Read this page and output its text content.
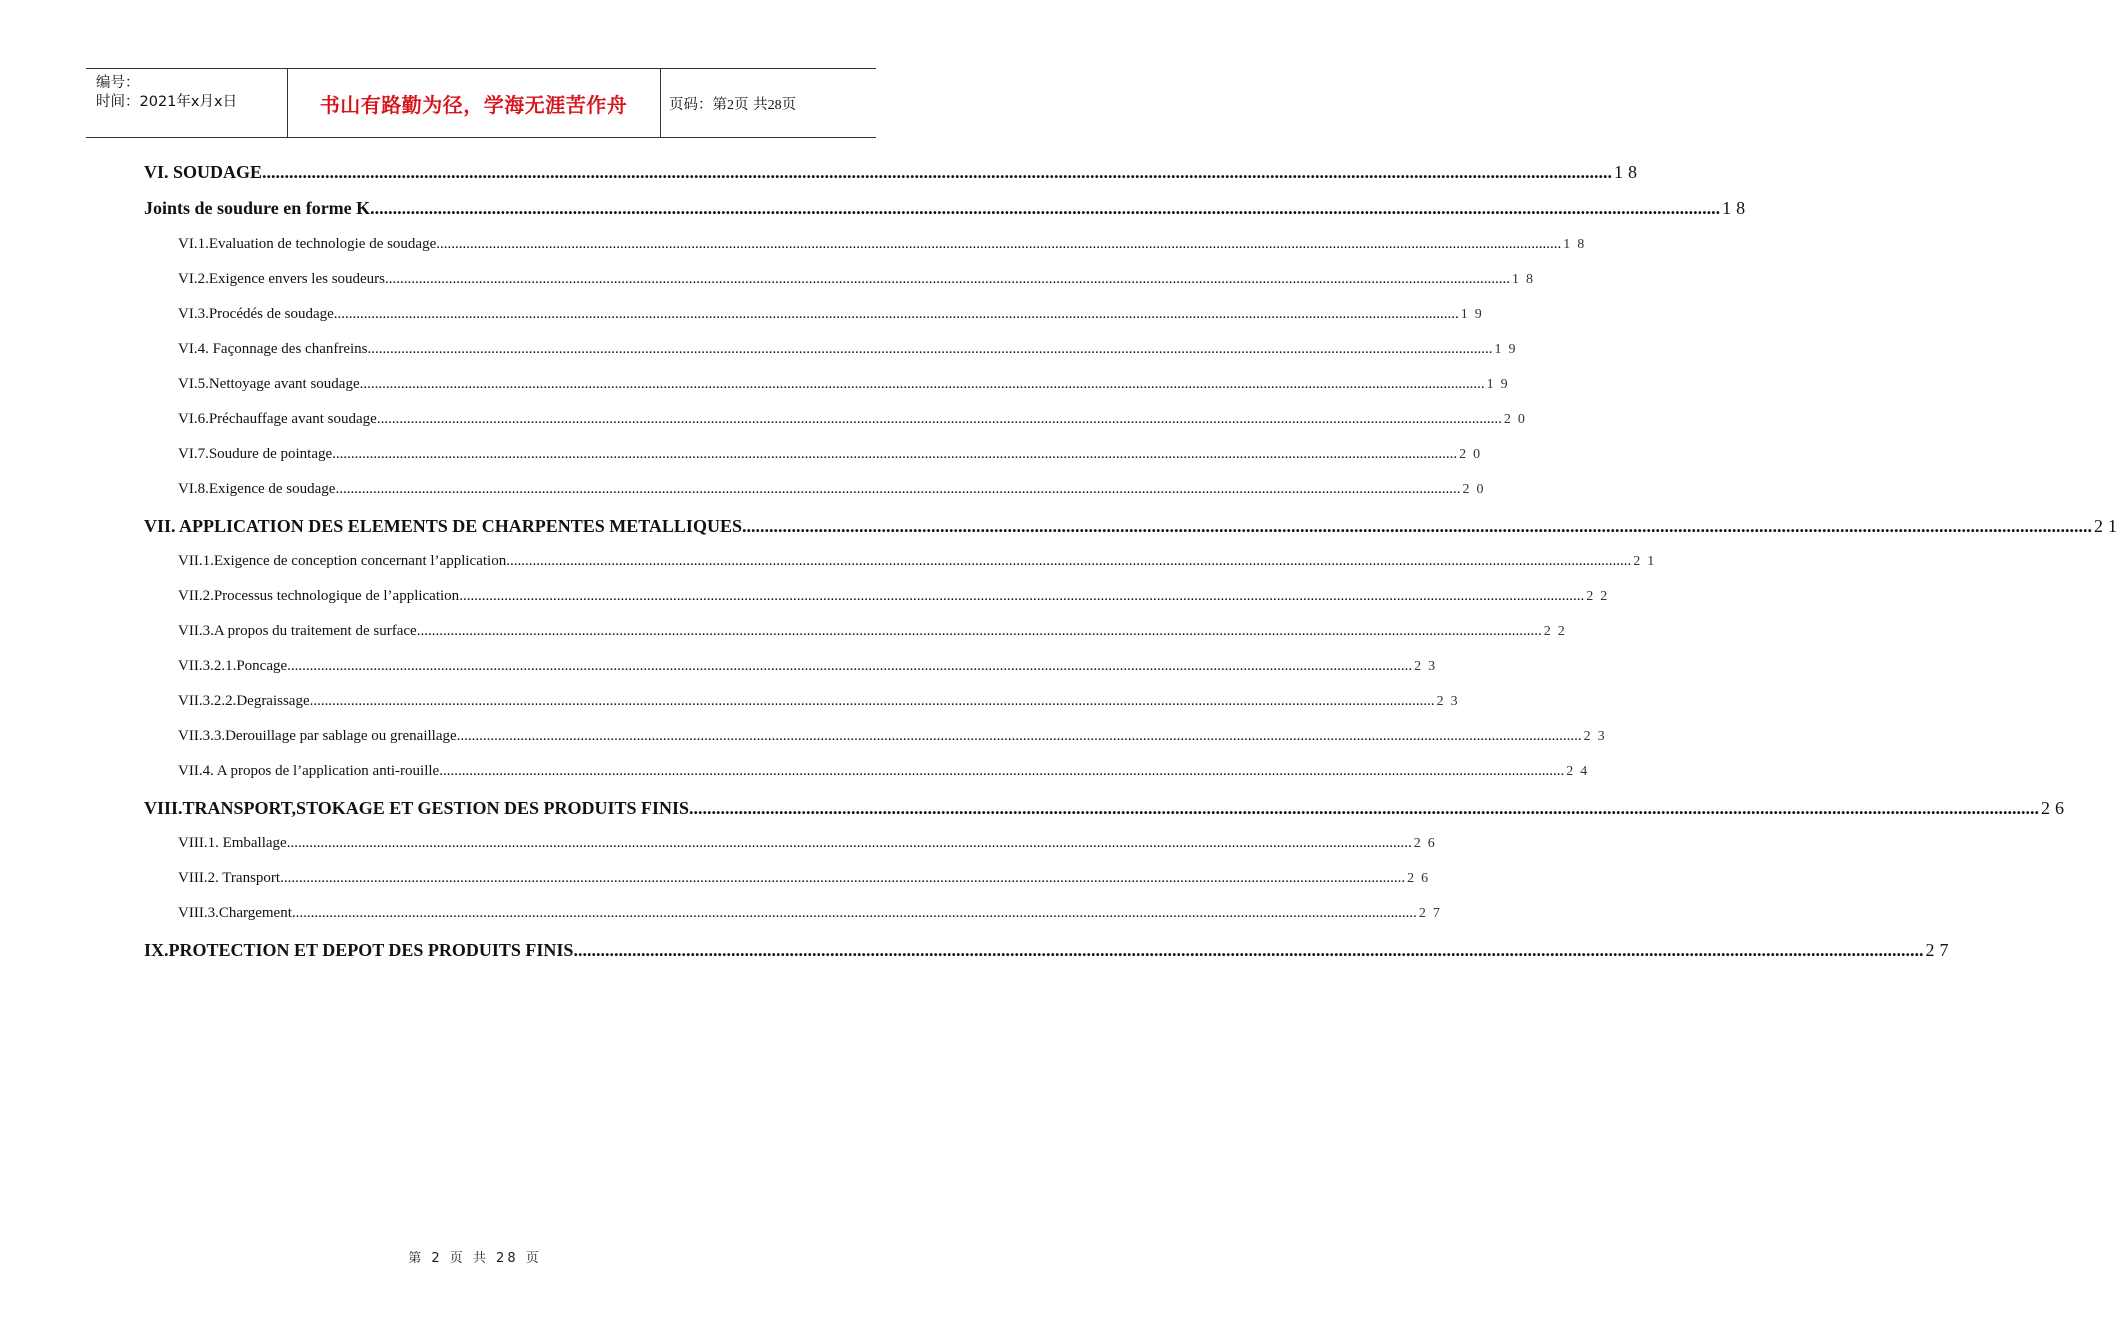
编号：
时间：2021年x月x日	书山有路勤为径，学海无涯苦作舟	页码：第2页 共28页
VI. SOUDAGE ............................................................................................................................................................................................................................................................................................................ 18
Joints de soudure en forme K ............................................................................................................................................................................................................................................................................................................ 18
VI.1.Evaluation de technologie de soudage ............................................................................................................................................................................................................................................................................................................ 18
VI.2.Exigence envers les soudeurs ............................................................................................................................................................................................................................................................................................................ 18
VI.3.Procédés de soudage ............................................................................................................................................................................................................................................................................................................ 19
VI.4. Façonnage des chanfreins ............................................................................................................................................................................................................................................................................................................ 19
VI.5.Nettoyage avant soudage ............................................................................................................................................................................................................................................................................................................ 19
VI.6.Préchauffage avant soudage ............................................................................................................................................................................................................................................................................................................ 20
VI.7.Soudure de pointage ............................................................................................................................................................................................................................................................................................................ 20
VI.8.Exigence de soudage ............................................................................................................................................................................................................................................................................................................ 20
VII. APPLICATION DES ELEMENTS DE CHARPENTES METALLIQUES ............................................................................................................................................................................................................................................................................................................ 21
VII.1.Exigence de conception concernant l’application ............................................................................................................................................................................................................................................................................................................ 21
VII.2.Processus technologique de l’application ............................................................................................................................................................................................................................................................................................................ 22
VII.3.A propos du traitement de surface ............................................................................................................................................................................................................................................................................................................ 22
VII.3.2.1.Poncage ............................................................................................................................................................................................................................................................................................................ 23
VII.3.2.2.Degraissage ............................................................................................................................................................................................................................................................................................................ 23
VII.3.3.Derouillage par sablage ou grenaillage ............................................................................................................................................................................................................................................................................................................ 23
VII.4. A propos de l’application anti-rouille ............................................................................................................................................................................................................................................................................................................ 24
VIII.TRANSPORT,STOKAGE ET GESTION DES PRODUITS FINIS ............................................................................................................................................................................................................................................................................................................ 26
VIII.1. Emballage ............................................................................................................................................................................................................................................................................................................ 26
VIII.2. Transport ............................................................................................................................................................................................................................................................................................................ 26
VIII.3.Chargement ............................................................................................................................................................................................................................................................................................................ 27
IX.PROTECTION ET DEPOT DES PRODUITS FINIS ............................................................................................................................................................................................................................................................................................................ 27
第 2 页 共 28 页
